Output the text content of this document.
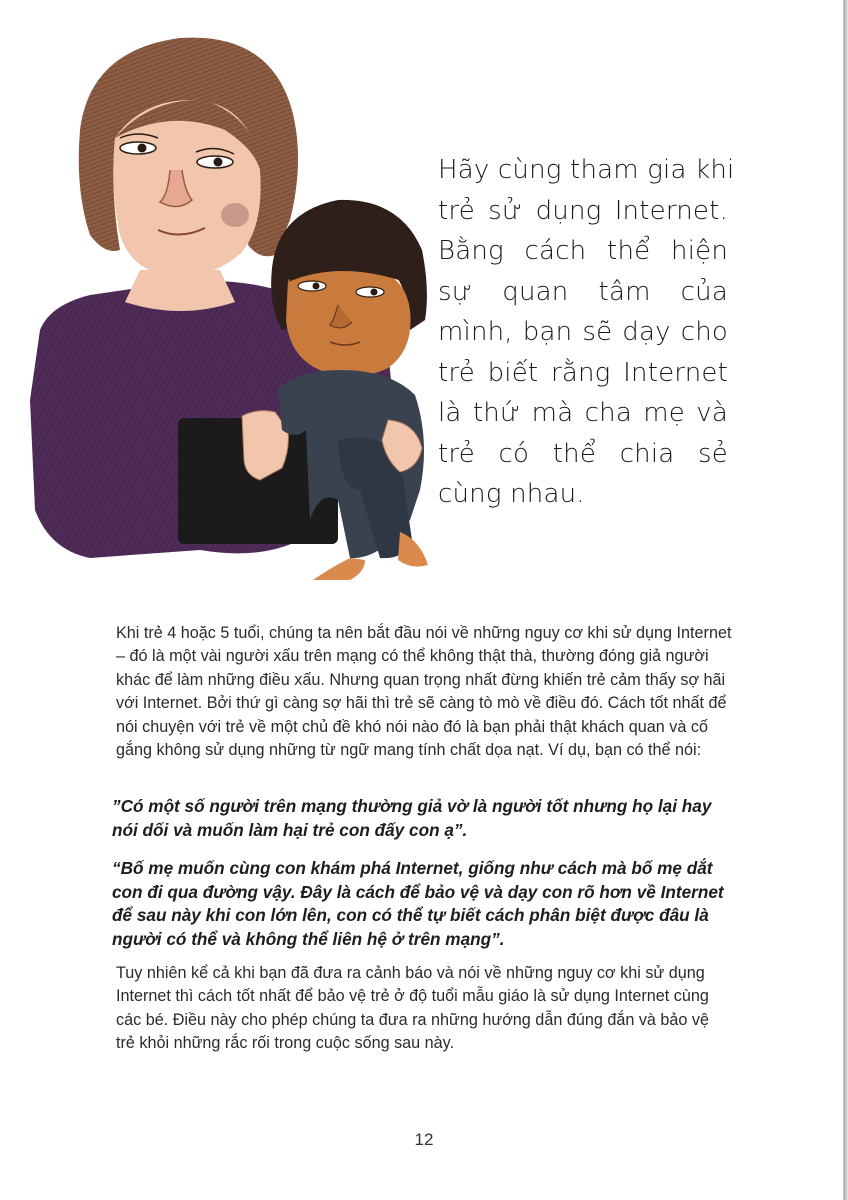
Hãy cùng tham gia khi
trẻ sử dụng Internet.
Bằng cách thể hiện
sự quan tâm của
mình, bạn sẽ dạy cho
trẻ biết rằng Internet
là thứ mà cha mẹ và
trẻ có thể chia sẻ
cùng nhau.

Khi trẻ 4 hoặc 5 tuổi, chúng ta nên bắt đầu nói về những nguy cơ khi sử dụng Internet – đó là một vài người xấu trên mạng có thể không thật thà, thường đóng giả người khác để làm những điều xấu. Nhưng quan trọng nhất đừng khiến trẻ cảm thấy sợ hãi với Internet. Bởi thứ gì càng sợ hãi thì trẻ sẽ càng tò mò về điều đó. Cách tốt nhất để nói chuyện với trẻ về một chủ đề khó nói nào đó là bạn phải thật khách quan và cố gắng không sử dụng những từ ngữ mang tính chất dọa nạt. Ví dụ, bạn có thể nói:

”Có một số người trên mạng thường giả vờ là người tốt nhưng họ lại hay nói dối và muốn làm hại trẻ con đấy con ạ”.

“Bố mẹ muốn cùng con khám phá Internet, giống như cách mà bố mẹ dắt con đi qua đường vậy. Đây là cách để bảo vệ và dạy con rõ hơn về Internet để sau này khi con lớn lên, con có thể tự biết cách phân biệt được đâu là người có thể và không thể liên hệ ở trên mạng”.

Tuy nhiên kể cả khi bạn đã đưa ra cảnh báo và nói về những nguy cơ khi sử dụng Internet thì cách tốt nhất để bảo vệ trẻ ở độ tuổi mẫu giáo là sử dụng Internet cùng các bé. Điều này cho phép chúng ta đưa ra những hướng dẫn đúng đắn và bảo vệ trẻ khỏi những rắc rối trong cuộc sống sau này.

12
